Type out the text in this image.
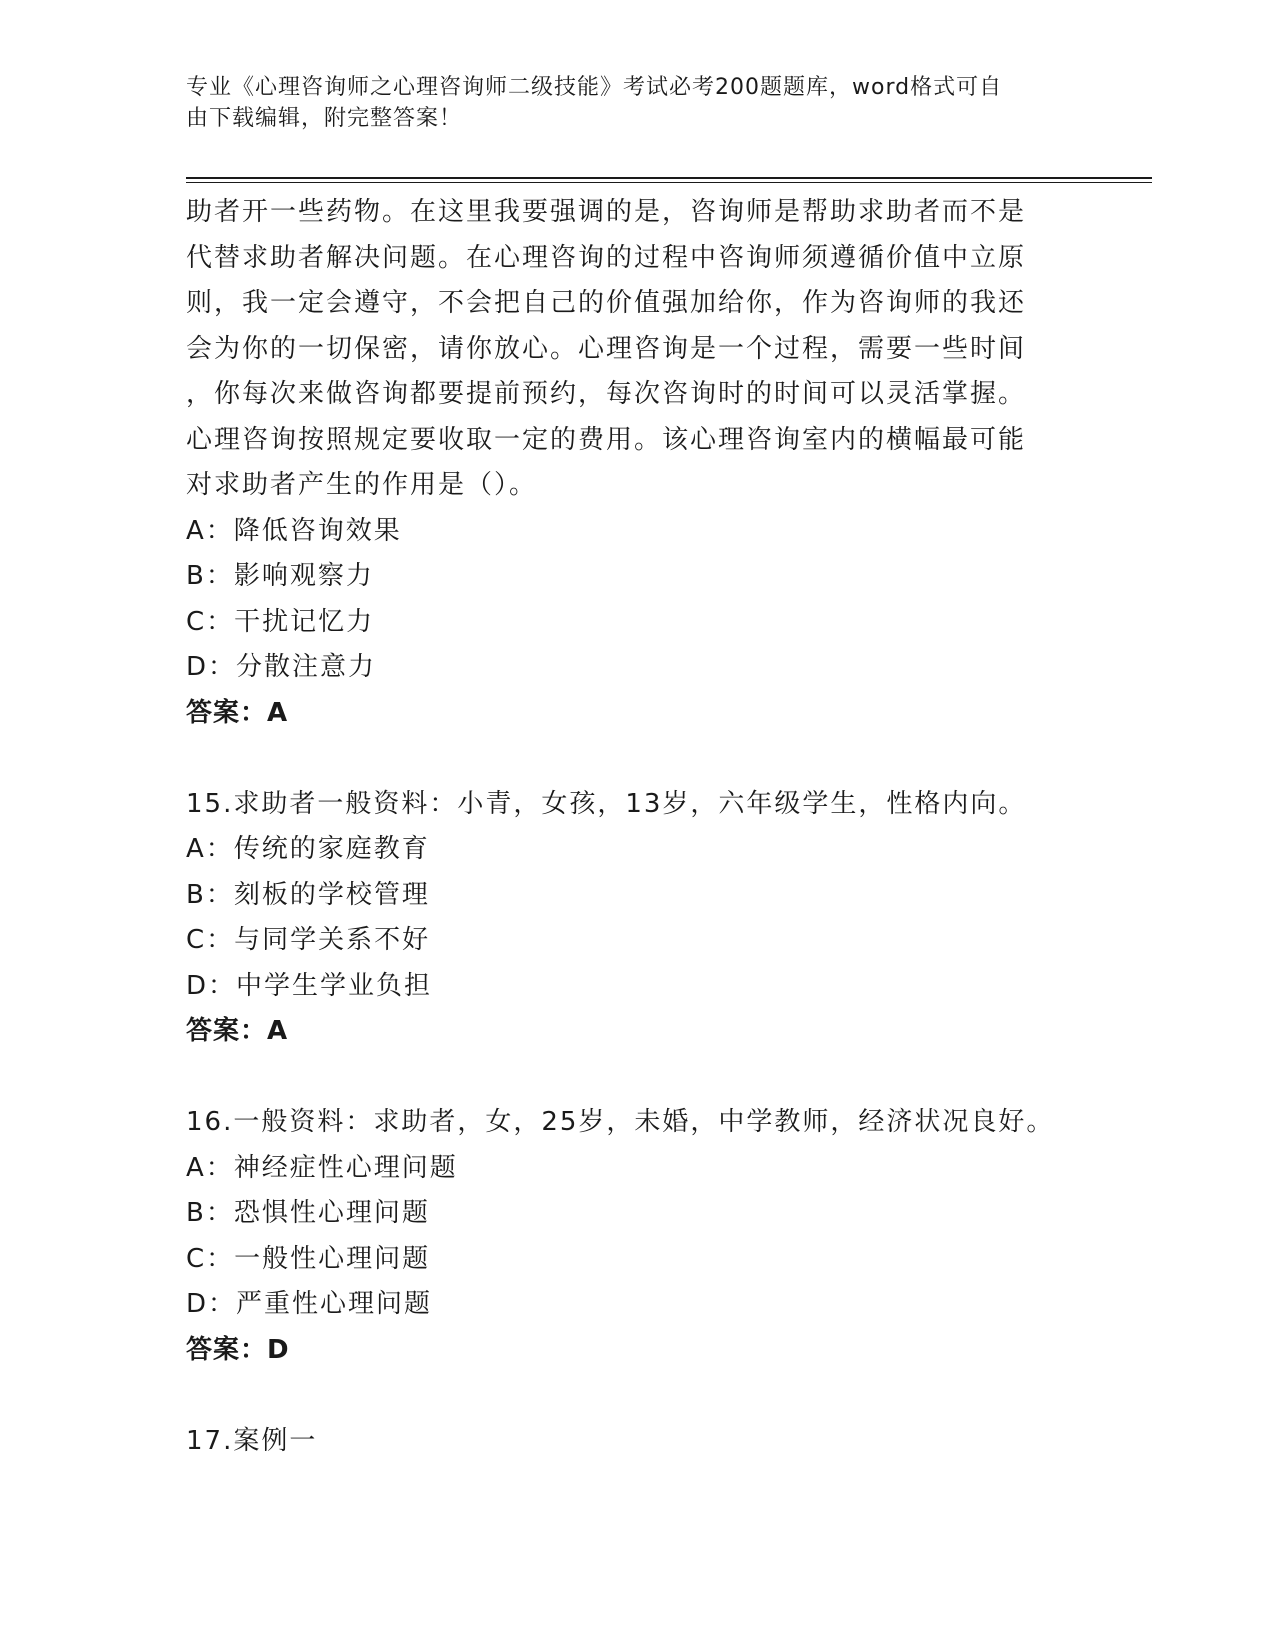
专业《心理咨询师之心理咨询师二级技能》考试必考200题题库，word格式可自
由下载编辑，附完整答案！
助者开一些药物。在这里我要强调的是，咨询师是帮助求助者而不是
代替求助者解决问题。在心理咨询的过程中咨询师须遵循价值中立原
则，我一定会遵守，不会把自己的价值强加给你，作为咨询师的我还
会为你的一切保密，请你放心。心理咨询是一个过程，需要一些时间
，你每次来做咨询都要提前预约，每次咨询时的时间可以灵活掌握。
心理咨询按照规定要收取一定的费用。该心理咨询室内的横幅最可能
对求助者产生的作用是（）。
A：降低咨询效果
B：影响观察力
C：干扰记忆力
D：分散注意力
答案：A
15.求助者一般资料：小青，女孩，13岁，六年级学生，性格内向。
A：传统的家庭教育
B：刻板的学校管理
C：与同学关系不好
D：中学生学业负担
答案：A
16.一般资料：求助者，女，25岁，未婚，中学教师，经济状况良好。
A：神经症性心理问题
B：恐惧性心理问题
C：一般性心理问题
D：严重性心理问题
答案：D
17.案例一
